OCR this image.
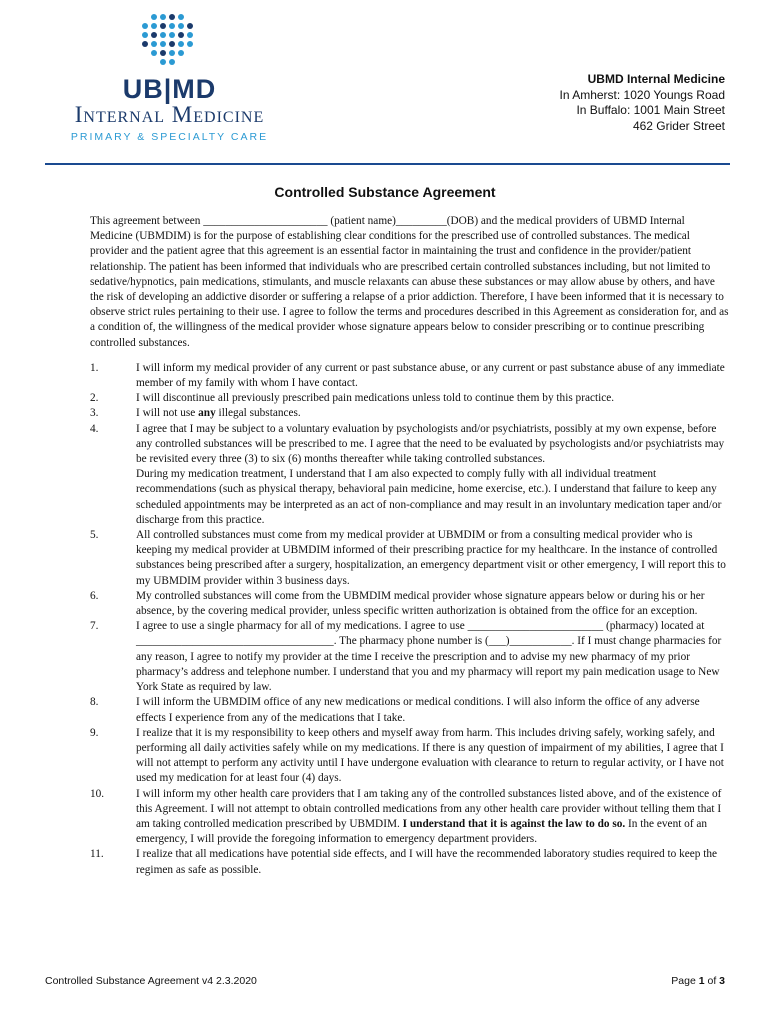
UB|MD
Internal Medicine
PRIMARY & SPECIALTY CARE
UBMD Internal Medicine
In Amherst: 1020 Youngs Road
In Buffalo: 1001 Main Street
462 Grider Street
Controlled Substance Agreement

This agreement between ______________________ (patient name)_________(DOB) and the medical providers of UBMD Internal Medicine (UBMDIM) is for the purpose of establishing clear conditions for the prescribed use of controlled substances. The medical provider and the patient agree that this agreement is an essential factor in maintaining the trust and confidence in the provider/patient relationship. The patient has been informed that individuals who are prescribed certain controlled substances including, but not limited to sedative/hypnotics, pain medications, stimulants, and muscle relaxants can abuse these substances or may allow abuse by others, and have the risk of developing an addictive disorder or suffering a relapse of a prior addiction. Therefore, I have been informed that it is necessary to observe strict rules pertaining to their use. I agree to follow the terms and procedures described in this Agreement as consideration for, and as a condition of, the willingness of the medical provider whose signature appears below to consider prescribing or to continue prescribing controlled substances.

1.	I will inform my medical provider of any current or past substance abuse, or any current or past substance abuse of any immediate member of my family with whom I have contact.
2.	I will discontinue all previously prescribed pain medications unless told to continue them by this practice.
3.	I will not use any illegal substances.
4.	I agree that I may be subject to a voluntary evaluation by psychologists and/or psychiatrists, possibly at my own expense, before any controlled substances will be prescribed to me. I agree that the need to be evaluated by psychologists and/or psychiatrists may be revisited every three (3) to six (6) months thereafter while taking controlled substances.
During my medication treatment, I understand that I am also expected to comply fully with all individual treatment recommendations (such as physical therapy, behavioral pain medicine, home exercise, etc.). I understand that failure to keep any scheduled appointments may be interpreted as an act of non-compliance and may result in an involuntary medication taper and/or discharge from this practice.
5.	All controlled substances must come from my medical provider at UBMDIM or from a consulting medical provider who is keeping my medical provider at UBMDIM informed of their prescribing practice for my healthcare. In the instance of controlled substances being prescribed after a surgery, hospitalization, an emergency department visit or other emergency, I will report this to my UBMDIM provider within 3 business days.
6.	My controlled substances will come from the UBMDIM medical provider whose signature appears below or during his or her absence, by the covering medical provider, unless specific written authorization is obtained from the office for an exception.
7.	I agree to use a single pharmacy for all of my medications. I agree to use ________________________ (pharmacy) located at ___________________________________. The pharmacy phone number is (___)___________. If I must change pharmacies for any reason, I agree to notify my provider at the time I receive the prescription and to advise my new pharmacy of my prior pharmacy’s address and telephone number. I understand that you and my pharmacy will report my pain medication usage to New York State as required by law.
8.	I will inform the UBMDIM office of any new medications or medical conditions. I will also inform the office of any adverse effects I experience from any of the medications that I take.
9.	I realize that it is my responsibility to keep others and myself away from harm. This includes driving safely, working safely, and performing all daily activities safely while on my medications. If there is any question of impairment of my abilities, I agree that I will not attempt to perform any activity until I have undergone evaluation with clearance to return to regular activity, or I have not used my medication for at least four (4) days.
10.	I will inform my other health care providers that I am taking any of the controlled substances listed above, and of the existence of this Agreement. I will not attempt to obtain controlled medications from any other health care provider without telling them that I am taking controlled medication prescribed by UBMDIM. I understand that it is against the law to do so. In the event of an emergency, I will provide the foregoing information to emergency department providers.
11.	I realize that all medications have potential side effects, and I will have the recommended laboratory studies required to keep the regimen as safe as possible.
Controlled Substance Agreement v4 2.3.2020	Page 1 of 3
